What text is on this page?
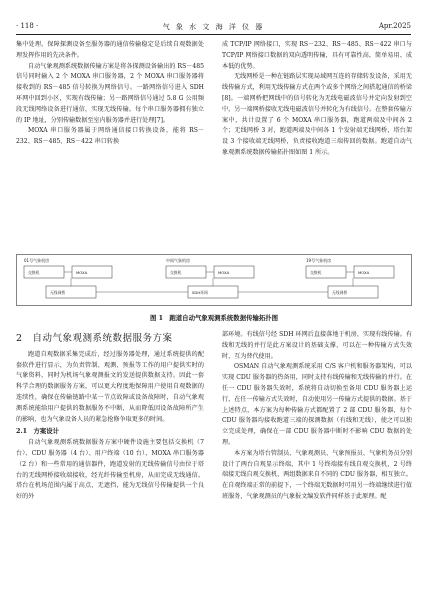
· 118 ·	气 象 水 文 海 洋 仪 器	Apr.2025

集中处理。保障探测设备至服务器的通信传输稳定是后续自观数据处理发挥作用的先决条件。

自动气象观测系统数据传输方案是将各探测设备输出的 RS－485 信号同时输入 2 个 MOXA 串口服务器，2 个 MOXA 串口服务器将接收到的 RS－485 信号转换为网络信号。一路网络信号进入 SDH 环网中回到小区，实现有线传输；另一路网络信号通过 5.8 G 公用频段无线网络设备进行通信，实现无线传输。每个串口服务器拥有独立的 IP 地址，分别传输数据至室内服务器并进行处理[7]。

MOXA 串口服务器属于网络通信接口转换设备，能将 RS－232、RS－485、RS－422 串口转换

成 TCP/IP 网络接口，实现 RS－232、RS－485、RS－422 串口与 TCP/IP 网络接口数据的双向透明传输，具有可靠性高、简单易用、成本低的优势。

无线网桥是一种在链路层实现局域网互连的存储转发设备，采用无线传输方式，利用无线传输方式在两个或多个网络之间搭起通信的桥梁[8]。一端网桥把网线中的信号转化为无线电磁波信号并定向发射到空中，另一端网桥接收无线电磁波信号并转化为有线信号。在整套传输方案中，共计设置了 6 个 MOXA 串口服务器，跑道两端及中间各 2 个；无线网桥 3 对，跑道两端及中间各 1 个发射端无线网桥，塔台架设 3 个接收端无线网桥，负责接收跑道三端传回的数据。跑道自动气象观测系统数据传输拓扑图如图 1 所示。

01号气象机房	中间气象机房	19号气象机房
交换机	MOXA	交换机	MOXA	交换机	MOXA
无线网桥	SDH环网	无线网桥
图 1　跑道自动气象观测系统数据传输拓扑图
2　自动气象观测系统数据服务方案

跑道自观数据采集完成后，经过服务器处理，通过系统提供的配套软件进行显示，为负责管制、观测、预报等工作的用户提供实时的气象资料，同时为机场气象观测报文的发送提供数据支持。因此一套科学合理的数据服务方案，可以更大程度地保障用户使用自观数据的连续性，确保在传输链路中某一节点故障或设备故障时，自动气象观测系统能给用户提供的数据服务不中断，从而降低因设备故障所产生的影响，也为气象设备人员的紧急抢修争取更多的时间。

2.1　方案设计

自动气象观测系统数据服务方案中硬件设施主要包括交换机（7 台）、CDU 服务器（4 台）、用户终端（10 台）、MOXA 串口服务器（2 台）和一些常用的通信器件，跑道发射的无线传输信号由位于塔台的无线网桥接收端接收，经光纤传输至机房，从而完成无线通信。塔台在机场范围内属于高点，无遮挡，能为无线信号传输提供一个良好的外

部环境。有线信号经 SDH 环网后直接落地于机房，实现有线传输。有线和无线的并行是此方案设计的基础支撑，可以在一种传输方式失效时，互为替代使用。

OSMAN 自动气象观测系统采用 C/S 客户机和服务器架构，可以实现 CDU 服务器的热备用，同时支持有线传输和无线传输的并行。在任一 CDU 服务器失效时，系统将自动切换至备用 CDU 服务器上运行，在任一传输方式失效时，自动使用另一传输方式提供的数据。基于上述特点，本方案为每种传输方式都配置了 2 部 CDU 服务器，每个 CDU 服务器均接收跑道三端的探测数据（有线和无线），使之可以独立完成处理，确保在一部 CDU 服务器中断时不影响 CDU 数据的处理。

本方案为塔台管制员、气象观测员、气象预报员、气象机务员分别设计了两台自观显示终端，其中 1 号终端接有线自观交换机，2 号终端接无线自观交换机，两组数据来自不同的 CDU 服务器，相互独立。在自观终端正常的前提下，一个终端无数据时可用另一终端继续进行值班服务，气象观测员的气象报文编发软件同样基于此原理。配
